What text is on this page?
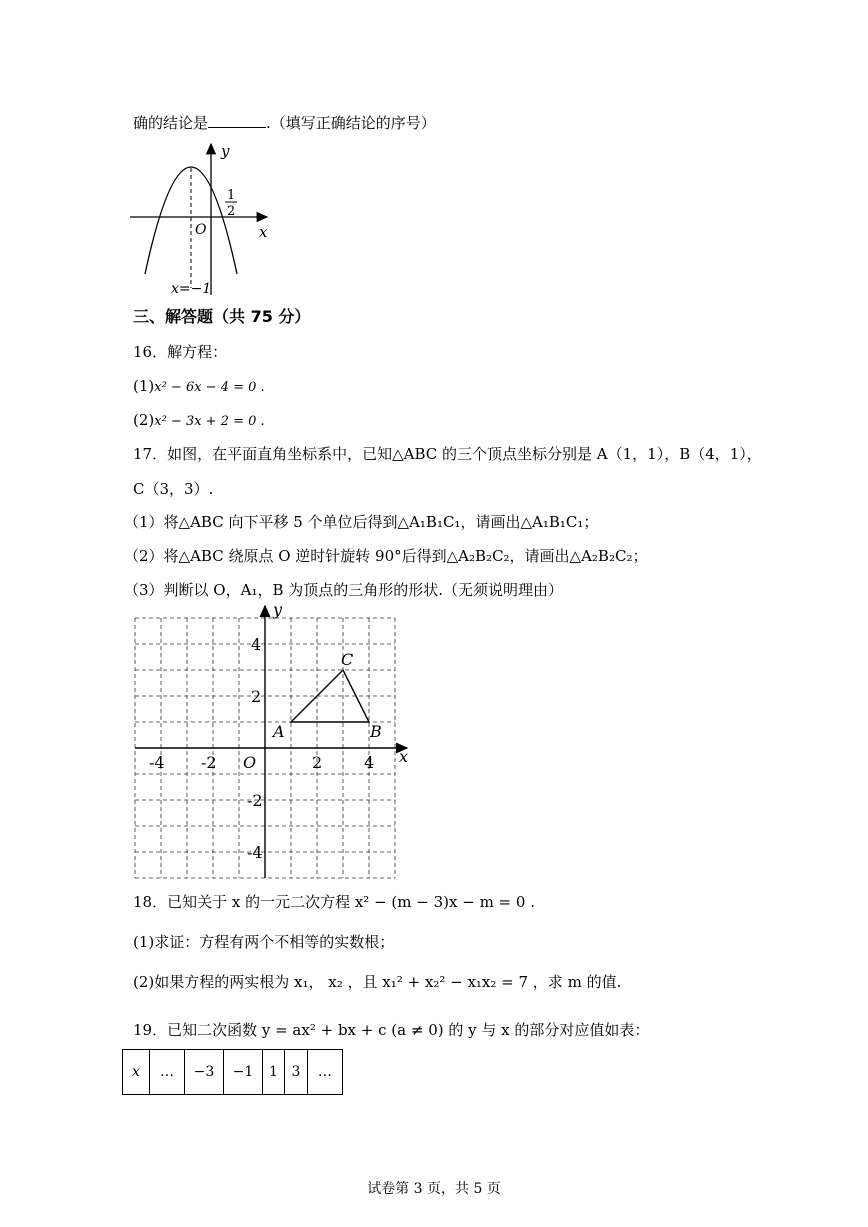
确的结论是	.（填写正确结论的序号）
y
x
O
1
2
x=−1
三、解答题（共 75 分）
16．解方程：
(1)x² − 6x − 4 = 0 .
(2)x² − 3x + 2 = 0 .
17．如图，在平面直角坐标系中，已知△ABC 的三个顶点坐标分别是 A（1，1），B（4，1），
C（3，3）.
（1）将△ABC 向下平移 5 个单位后得到△A₁B₁C₁，请画出△A₁B₁C₁；
（2）将△ABC 绕原点 O 逆时针旋转 90°后得到△A₂B₂C₂，请画出△A₂B₂C₂；
（3）判断以 O，A₁，B 为顶点的三角形的形状.（无须说明理由）
x
y
O
-4 -2	2	4
4
2
-2
-4
A	B
C
18．已知关于 x 的一元二次方程 x² − (m − 3)x − m = 0 .
(1)求证：方程有两个不相等的实数根；
(2)如果方程的两实根为 x₁， x₂ ，且 x₁² + x₂² − x₁x₂ = 7 ，求 m 的值.
19．已知二次函数 y = ax² + bx + c (a ≠ 0) 的 y 与 x 的部分对应值如表：
x	…	−3	−1	1	3	…
试卷第 3 页，共 5 页
